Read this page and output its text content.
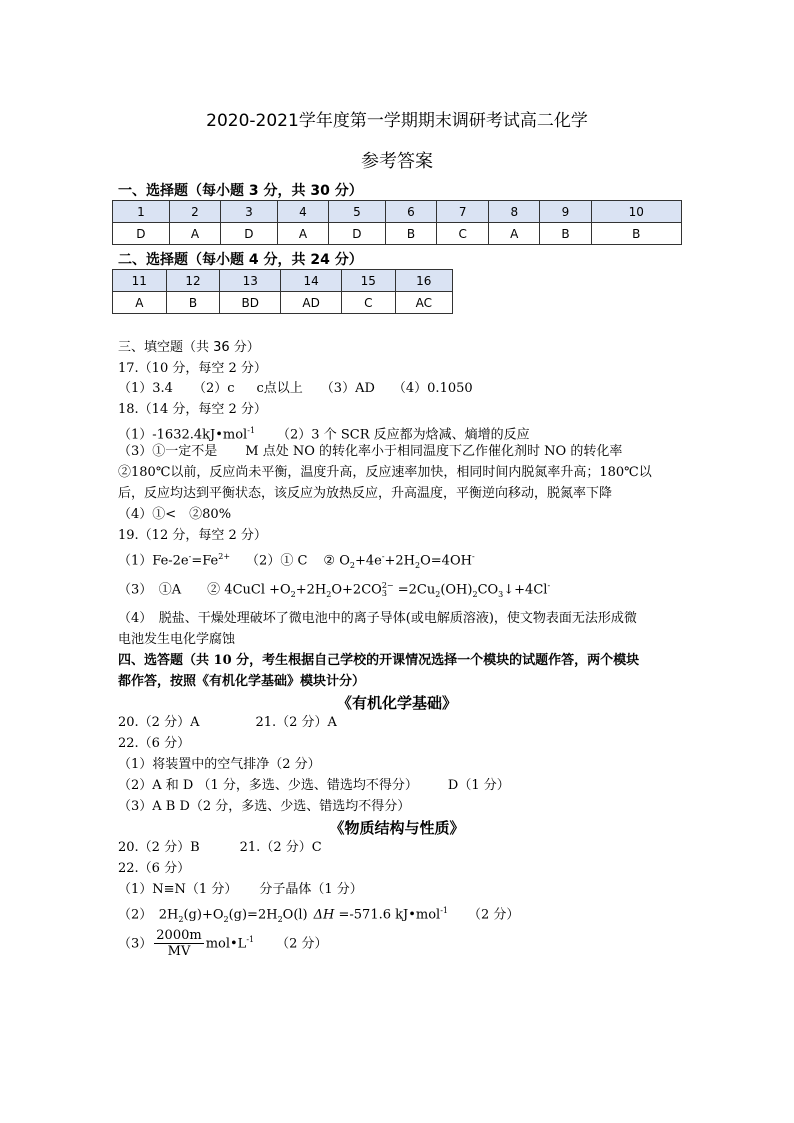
2020-2021学年度第一学期期末调研考试高二化学
参考答案
一、选择题（每小题 3 分，共 30 分）
1	2	3	4	5	6	7	8	9	10
D	A	D	A	D	B	C	A	B	B
二、选择题（每小题 4 分，共 24 分）
11	12	13	14	15	16
A	B	BD	AD	C	AC
三、填空题（共 36 分）
17.（10 分，每空 2 分）
（1）3.4 （2）c c点以上 （3）AD （4）0.1050
18.（14 分，每空 2 分）
（1）-1632.4kJ•mol$^{-1}$ （2）3 个 SCR 反应都为焓减、熵增的反应
（3）①一定不是 M 点处 NO 的转化率小于相同温度下乙作催化剂时 NO 的转化率
②180℃以前，反应尚未平衡，温度升高，反应速率加快，相同时间内脱氮率升高；180℃以
后，反应均达到平衡状态，该反应为放热反应，升高温度，平衡逆向移动，脱氮率下降
（4）①<　②80%
19.（12 分，每空 2 分）
$(1)Fe-2e^-=Fe^{2+}$ （2）① C ② $O_2+4e^-+2H_2O=4OH^-$
（3）　①A　　② 4CuCl $+O_2+2H_2O+2CO$ 2−
$3 =2Cu_2(OH)_2CO_3↓+4Cl^-$
（4）　脱盐、干燥处理破坏了微电池中的离子导体(或电解质溶液)，使文物表面无法形成微
电池发生电化学腐蚀
四、选答题（共 10 分，考生根据自己学校的开课情况选择一个模块的试题作答，两个模块
都作答，按照《有机化学基础》模块计分）
《有机化学基础》
20.（2 分）A	21.（2 分）A
22.（6 分）
（1）将装置中的空气排净（2 分）
（2）A 和 D （1 分，多选、少选、错选均不得分） D（1 分）
（3）A B D（2 分，多选、少选、错选均不得分）
《物质结构与性质》
20.（2 分）B	21.（2 分）C
22.（6 分）
（1）N≡N（1 分） 分子晶体（1 分）
（2）　$2H_2(g)+O_2(g)=2H_2O(l)$ ΔH =-571.6 kJ•mol$^{-1}$ （2 分）
$(3) \frac{2000m}{MV}$ $mol•L^{-1}$ （2 分）
